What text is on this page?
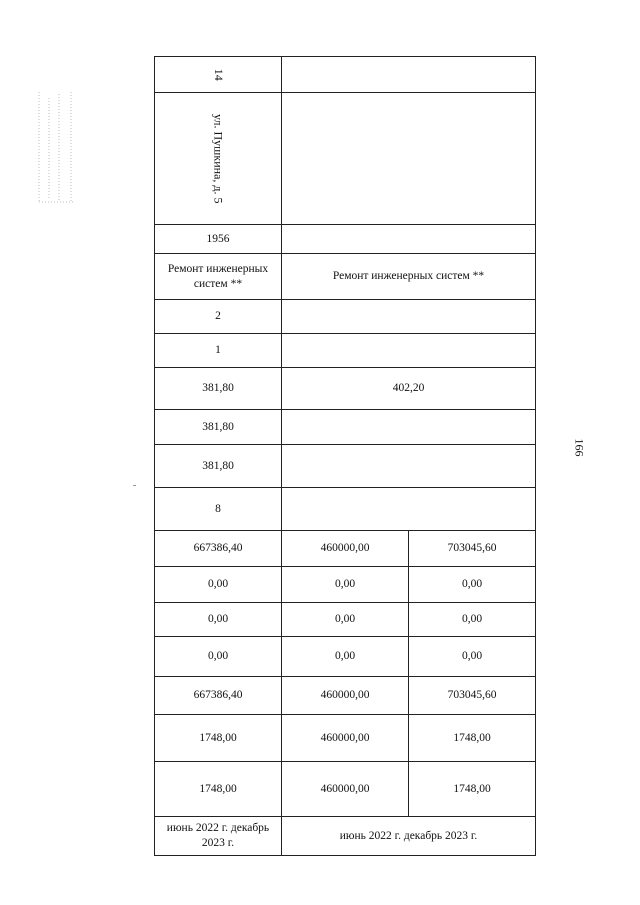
14		
ул. Пушкина, д. 5		
1956		
Ремонт инженерных систем **	Ремонт инженерных систем **	
2		
1		
381,80	402,20	
381,80		
381,80		
8		
667386,40	460000,00	703045,60
0,00	0,00	0,00
0,00	0,00	0,00
0,00	0,00	0,00
667386,40	460000,00	703045,60
1748,00	460000,00	1748,00
1748,00	460000,00	1748,00
июнь 2022 г. декабрь 2023 г.	июнь 2022 г. декабрь 2023 г.	
166
